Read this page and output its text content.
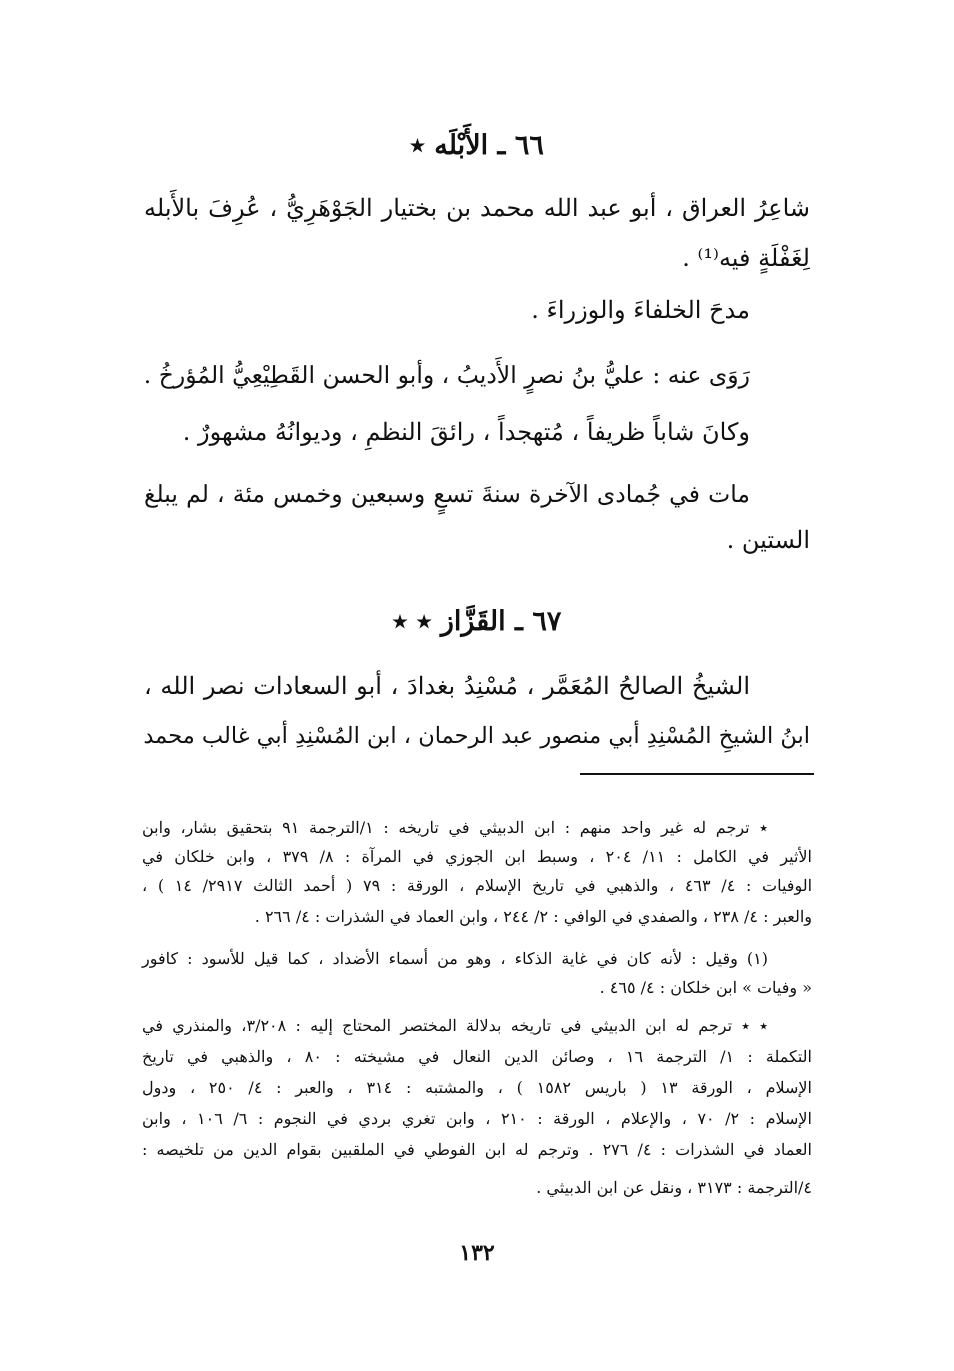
٦٦ ـ الأَبْلَه ٭
شاعِرُ العراق ، أبو عبد الله محمد بن بختيار الجَوْهَرِيُّ ، عُرِفَ بالأَبله
لِغَفْلَةٍ فيه⁽¹⁾ .
مدحَ الخلفاءَ والوزراءَ .
رَوَى عنه : عليُّ بنُ نصرٍ الأَديبُ ، وأبو الحسن القَطِيْعِيُّ المُؤرخُ .
وكانَ شاباً ظريفاً ، مُتهجداً ، رائقَ النظمِ ، وديوانُهُ مشهورٌ .
مات في جُمادى الآخرة سنةَ تسعٍ وسبعين وخمس مئة ، لم يبلغ
الستين .
٦٧ ـ القَزَّاز ٭ ٭
الشيخُ الصالحُ المُعَمَّر ، مُسْنِدُ بغدادَ ، أبو السعادات نصر الله ،
ابنُ الشيخِ المُسْنِدِ أبي منصور عبد الرحمان ، ابن المُسْنِدِ أبي غالب محمد
٭ ترجم له غير واحد منهم : ابن الدبيثي في تاريخه : ١/الترجمة ٩١ بتحقيق بشار، وابن
الأثير في الكامل : ١١/ ٢٠٤ ، وسبط ابن الجوزي في المرآة : ٨/ ٣٧٩ ، وابن خلكان في
الوفيات : ٤/ ٤٦٣ ، والذهبي في تاريخ الإسلام ، الورقة : ٧٩ ( أحمد الثالث ٢٩١٧/ ١٤ ) ،
والعبر : ٤/ ٢٣٨ ، والصفدي في الوافي : ٢/ ٢٤٤ ، وابن العماد في الشذرات : ٤/ ٢٦٦ .
(١) وقيل : لأنه كان في غاية الذكاء ، وهو من أسماء الأضداد ، كما قيل للأسود : كافور
« وفيات » ابن خلكان : ٤/ ٤٦٥ .
٭ ٭ ترجم له ابن الدبيثي في تاريخه بدلالة المختصر المحتاج إليه : ٣/٢٠٨، والمنذري في
التكملة : ١/ الترجمة ١٦ ، وصائن الدين النعال في مشيخته : ٨٠ ، والذهبي في تاريخ
الإسلام ، الورقة ١٣ ( باريس ١٥٨٢ ) ، والمشتبه : ٣١٤ ، والعبر : ٤/ ٢٥٠ ، ودول
الإسلام : ٢/ ٧٠ ، والإعلام ، الورقة : ٢١٠ ، وابن تغري بردي في النجوم : ٦/ ١٠٦ ، وابن
العماد في الشذرات : ٤/ ٢٧٦ . وترجم له ابن الفوطي في الملقبين بقوام الدين من تلخيصه :
٤/الترجمة : ٣١٧٣ ، ونقل عن ابن الدبيثي .
١٣٢
